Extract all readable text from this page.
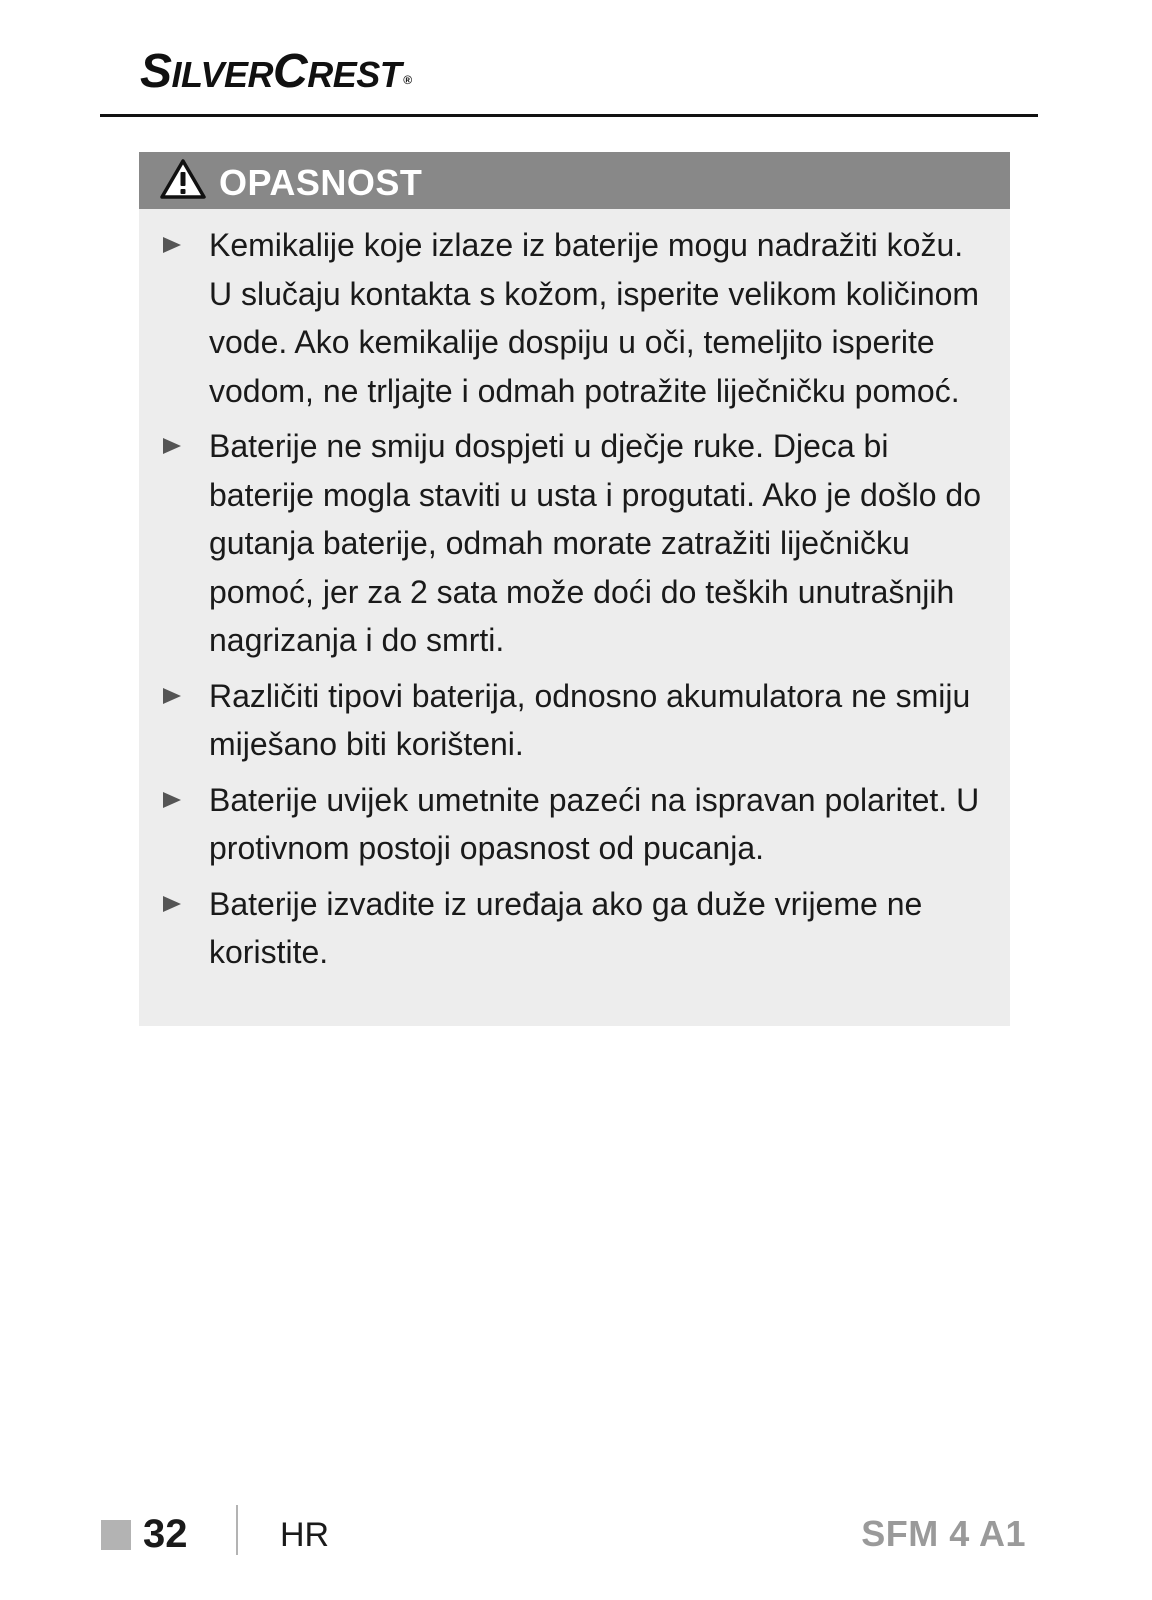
SILVERCREST ®
OPASNOST
Kemikalije koje izlaze iz baterije mogu nadražiti kožu. U slučaju kontakta s kožom, isperite velikom količinom vode. Ako kemikalije dospiju u oči, temeljito isperite vodom, ne trljajte i odmah potražite liječničku pomoć.
Baterije ne smiju dospjeti u dječje ruke. Djeca bi baterije mogla staviti u usta i progutati. Ako je došlo do gutanja baterije, odmah morate zatražiti liječničku pomoć, jer za 2 sata može doći do teških unutrašnjih nagrizanja i do smrti.
Različiti tipovi baterija, odnosno akumulatora ne smiju miješano biti korišteni.
Baterije uvijek umetnite pazeći na ispravan polaritet. U protivnom postoji opasnost od pucanja.
Baterije izvadite iz uređaja ako ga duže vrijeme ne koristite.
32	HR	SFM 4 A1
